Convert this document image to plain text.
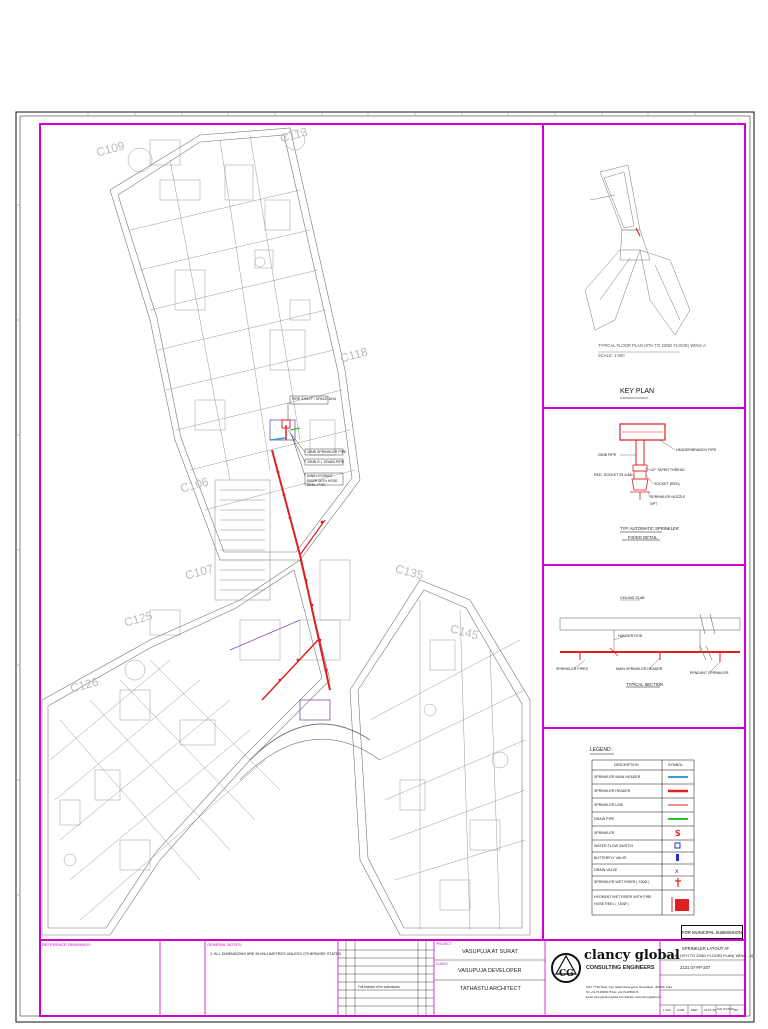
S
x
CG
C109
C113
C118
C106
C107
C125
C126
C135
C145
FIRE SHAFT / SPACE AHU
25NB SPRINKLER PIPE
25NB G.I. DRAIN PIPE
50NB HYDRANT RISER WITH HOSE REEL / FHC
TYPICAL FLOOR PLAN (9TH TO 22ND FLOOR) WING-A
SCALE: 1:600
KEY PLAN
HEADER/BRANCH PIPE
25NB PIPE
RED. SOCKET 25 X 15
1/2" TAPER THREAD
SOCKET (RED)
SPRINKLER NOZZLE
NPT
TYP. AUTOMATIC SPRINKLER
FIXING DETAIL
CEILING SLAB
HANGER ROD
SPRINKLER PIPES	MAIN SPRINKLER HEADER
PENDANT SPRINKLER
TYPICAL SECTION
LEGEND :
DESCRIPTION	SYMBOL
SPRINKLER MAIN HEADER
SPRINKLER HEADER
SPRINKLER LINE
DRAIN PIPE
SPRINKLER
WATER FLOW SWITCH
BUTTERFLY VALVE
DRAIN VALVE
SPRINKLER WET RISER ( 150Ø )
HYDRANT WET RISER WITH FIRE HOSE REEL ( 150Ø )
FOR MUNICIPAL SUBMISSION
REFERENCE DRAWINGS:	GENERAL NOTES:
1. ALL DIMENSIONS ARE IN MILLIMETRES UNLESS OTHERWISE STATED
PROJECT
VASUPUJA AT SURAT
CLIENT
VASUPUJA DEVELOPER
TATHASTU ARCHITECT
Full revision of for submission
clancy global
CONSULTING ENGINEERS
1001, TTSE Tower, Opp. Sakar Navrangpura, Ahmedabad - 380 009, India.
Tel: +91-79-26566175 Fax: +91-79-26566176
Email: clancy@clancyglobal.com Website: www.clancyglobal.com
SPRINKLER LAYOUT AT
TYPICAL (9TH TO 22ND FLOOR) PLAN( WING - A)
2131 07-FP-207
1:100 C305 MEP 14.07.16 2131 07-FP-207 R0
